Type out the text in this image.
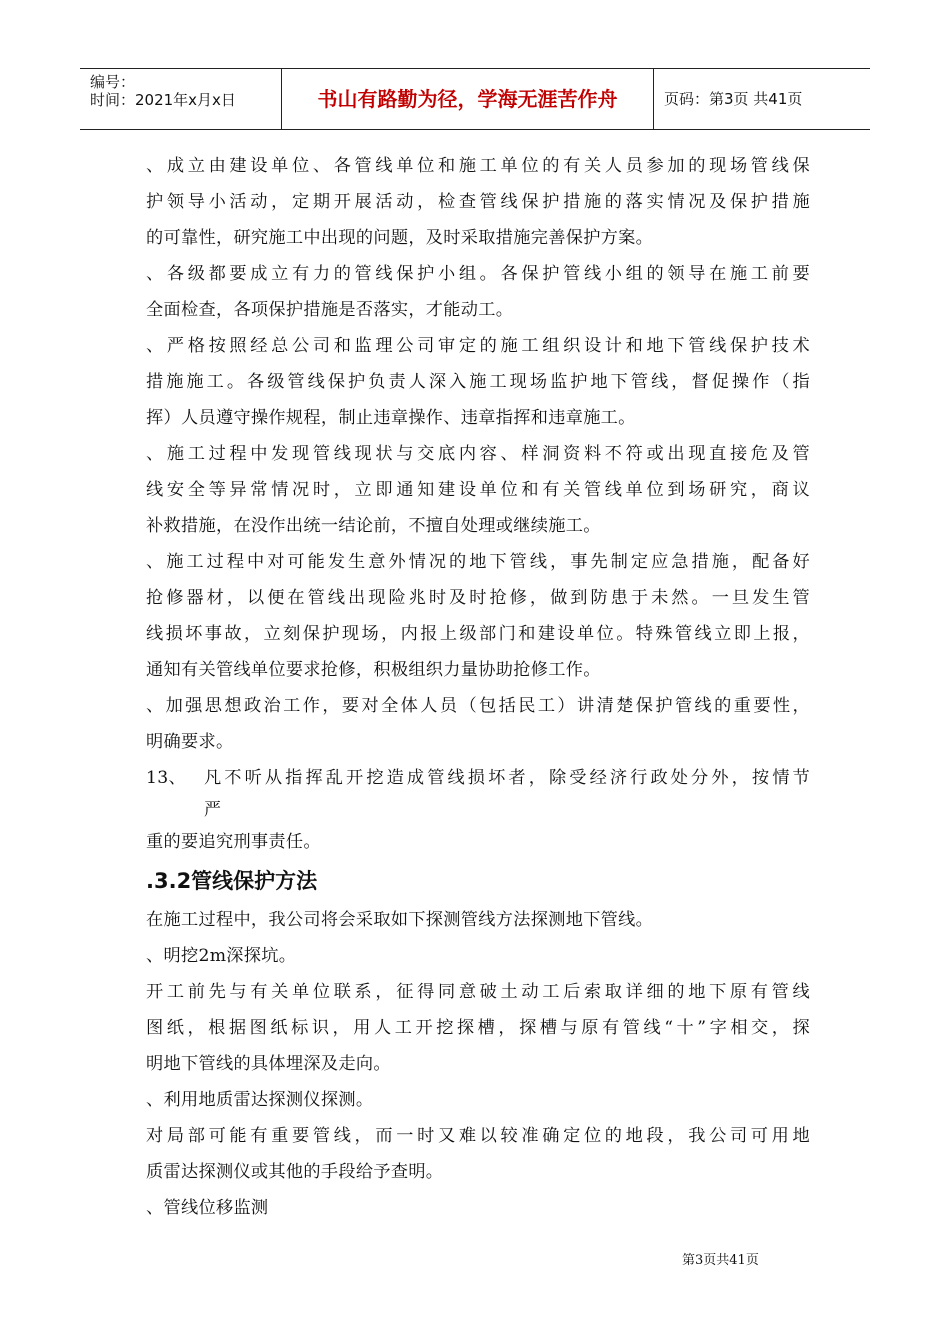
编号：
时间：2021年x月x日	书山有路勤为径，学海无涯苦作舟	页码：第3页 共41页
、成立由建设单位、各管线单位和施工单位的有关人员参加的现场管线保
护领导小活动，定期开展活动，检查管线保护措施的落实情况及保护措施
的可靠性，研究施工中出现的问题，及时采取措施完善保护方案。
、各级都要成立有力的管线保护小组。各保护管线小组的领导在施工前要
全面检查，各项保护措施是否落实，才能动工。
、严格按照经总公司和监理公司审定的施工组织设计和地下管线保护技术
措施施工。各级管线保护负责人深入施工现场监护地下管线，督促操作（指
挥）人员遵守操作规程，制止违章操作、违章指挥和违章施工。
、施工过程中发现管线现状与交底内容、样洞资料不符或出现直接危及管
线安全等异常情况时，立即通知建设单位和有关管线单位到场研究，商议
补救措施，在没作出统一结论前，不擅自处理或继续施工。
、施工过程中对可能发生意外情况的地下管线，事先制定应急措施，配备好
抢修器材，以便在管线出现险兆时及时抢修，做到防患于未然。一旦发生管
线损坏事故，立刻保护现场，内报上级部门和建设单位。特殊管线立即上报，
通知有关管线单位要求抢修，积极组织力量协助抢修工作。
、加强思想政治工作，要对全体人员（包括民工）讲清楚保护管线的重要性，
明确要求。
13、 凡不听从指挥乱开挖造成管线损坏者，除受经济行政处分外，按情节
严
重的要追究刑事责任。
.3.2管线保护方法
在施工过程中，我公司将会采取如下探测管线方法探测地下管线。
、明挖2m深探坑。
开工前先与有关单位联系，征得同意破土动工后索取详细的地下原有管线
图纸，根据图纸标识，用人工开挖探槽，探槽与原有管线“十”字相交，探
明地下管线的具体埋深及走向。
、利用地质雷达探测仪探测。
对局部可能有重要管线，而一时又难以较准确定位的地段，我公司可用地
质雷达探测仪或其他的手段给予查明。
、管线位移监测
第3页共41页
